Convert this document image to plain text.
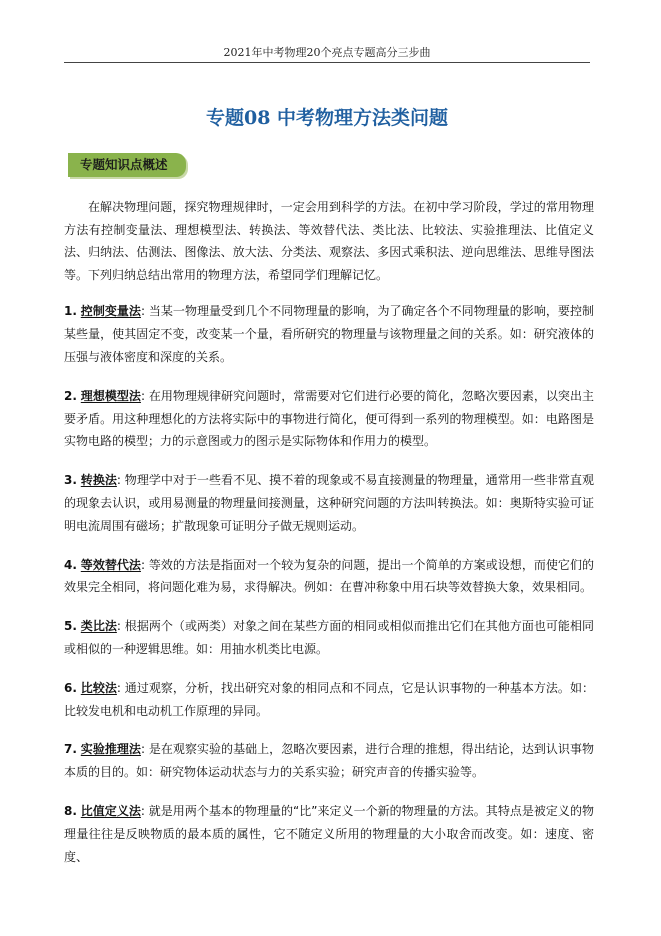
2021年中考物理20个亮点专题高分三步曲
专题08 中考物理方法类问题
专题知识点概述

在解决物理问题，探究物理规律时，一定会用到科学的方法。在初中学习阶段，学过的常用物理方法有控制变量法、理想模型法、转换法、等效替代法、类比法、比较法、实验推理法、比值定义法、归纳法、估测法、图像法、放大法、分类法、观察法、多因式乘积法、逆向思维法、思维导图法等。下列归纳总结出常用的物理方法，希望同学们理解记忆。

1. 控制变量法: 当某一物理量受到几个不同物理量的影响，为了确定各个不同物理量的影响，要控制某些量，使其固定不变，改变某一个量，看所研究的物理量与该物理量之间的关系。如：研究液体的压强与液体密度和深度的关系。

2. 理想模型法: 在用物理规律研究问题时，常需要对它们进行必要的简化，忽略次要因素，以突出主要矛盾。用这种理想化的方法将实际中的事物进行简化，便可得到一系列的物理模型。如：电路图是实物电路的模型；力的示意图或力的图示是实际物体和作用力的模型。

3. 转换法: 物理学中对于一些看不见、摸不着的现象或不易直接测量的物理量，通常用一些非常直观的现象去认识，或用易测量的物理量间接测量，这种研究问题的方法叫转换法。如：奥斯特实验可证明电流周围有磁场；扩散现象可证明分子做无规则运动。

4. 等效替代法: 等效的方法是指面对一个较为复杂的问题，提出一个简单的方案或设想，而使它们的效果完全相同，将问题化难为易，求得解决。例如：在曹冲称象中用石块等效替换大象，效果相同。

5. 类比法: 根据两个（或两类）对象之间在某些方面的相同或相似而推出它们在其他方面也可能相同或相似的一种逻辑思维。如：用抽水机类比电源。

6. 比较法: 通过观察，分析，找出研究对象的相同点和不同点，它是认识事物的一种基本方法。如：比较发电机和电动机工作原理的异同。

7. 实验推理法: 是在观察实验的基础上，忽略次要因素，进行合理的推想，得出结论，达到认识事物本质的目的。如：研究物体运动状态与力的关系实验；研究声音的传播实验等。

8. 比值定义法: 就是用两个基本的物理量的“比”来定义一个新的物理量的方法。其特点是被定义的物理量往往是反映物质的最本质的属性，它不随定义所用的物理量的大小取舍而改变。如：速度、密度、
